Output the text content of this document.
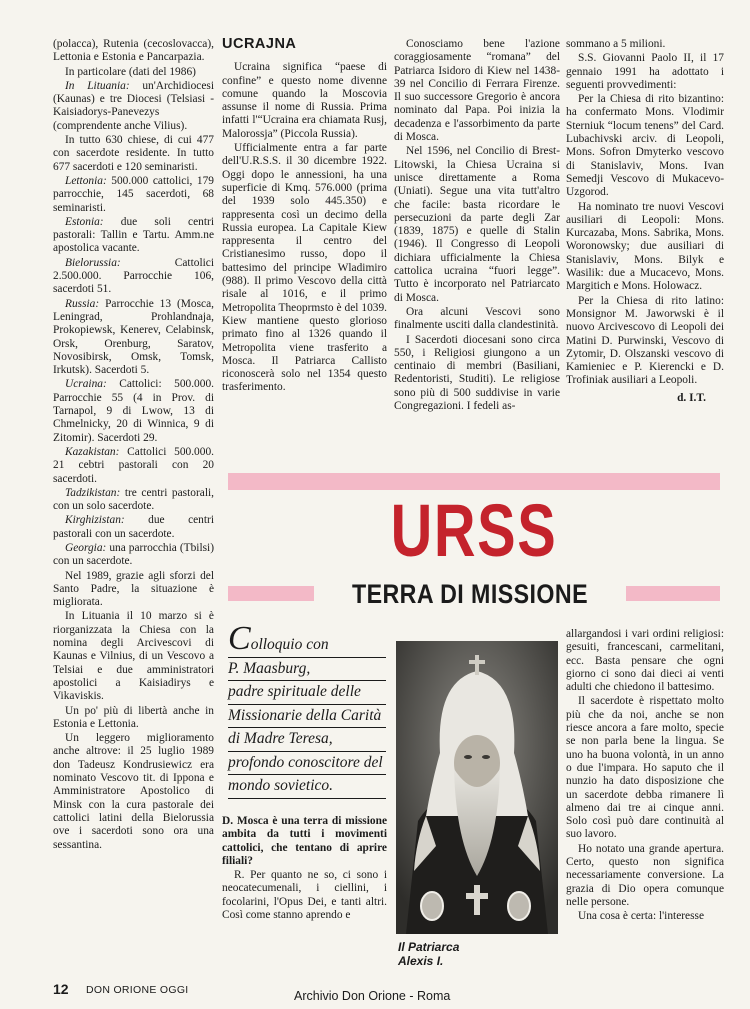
(polacca), Rutenia (cecoslovacca), Lettonia e Estonia e Pancarpazia.

In particolare (dati del 1986)

In Lituania: un'Archidiocesi (Kaunas) e tre Diocesi (Telsiasi - Kaisiadorys-Panevezys (comprendente anche Vilius).

In tutto 630 chiese, di cui 477 con sacerdote residente. In tutto 677 sacerdoti e 120 seminaristi.

Lettonia: 500.000 cattolici, 179 parrocchie, 145 sacerdoti, 68 seminaristi.

Estonia: due soli centri pastorali: Tallin e Tartu. Amm.ne apostolica vacante.

Bielorussia: Cattolici 2.500.000. Parrocchie 106, sacerdoti 51.

Russia: Parrocchie 13 (Mosca, Leningrad, Prohlandnaja, Prokopiewsk, Kenerev, Celabinsk, Orsk, Orenburg, Saratov, Novosibirsk, Omsk, Tomsk, Irkutsk). Sacerdoti 5.

Ucraina: Cattolici: 500.000. Parrocchie 55 (4 in Prov. di Tarnapol, 9 di Lwow, 13 di Chmelnicky, 20 di Winnica, 9 di Zitomir). Sacerdoti 29.

Kazakistan: Cattolici 500.000. 21 cebtri pastorali con 20 sacerdoti.

Tadzikistan: tre centri pastorali, con un solo sacerdote.

Kirghizistan: due centri pastorali con un sacerdote.

Georgia: una parrocchia (Tbilsi) con un sacerdote.

Nel 1989, grazie agli sforzi del Santo Padre, la situazione è migliorata.

In Lituania il 10 marzo si è riorganizzata la Chiesa con la nomina degli Arcivescovi di Kaunas e Vilnius, di un Vescovo a Telsiai e due amministratori apostolici a Kaisiadirys e Vikaviskis.

Un po' più di libertà anche in Estonia e Lettonia.

Un leggero miglioramento anche altrove: il 25 luglio 1989 don Tadeusz Kondrusiewicz era nominato Vescovo tit. di Ippona e Amministratore Apostolico di Minsk con la cura pastorale dei cattolici latini della Bielorussia ove i sacerdoti sono ora una sessantina.

UCRAJNA

Ucraina significa “paese di confine” e questo nome divenne comune quando la Moscovia assunse il nome di Russia. Prima infatti l'“Ucraina era chiamata Rusj, Malorossja” (Piccola Russia).

Ufficialmente entra a far parte dell'U.R.S.S. il 30 dicembre 1922. Oggi dopo le annessioni, ha una superficie di Kmq. 576.000 (prima del 1939 solo 445.350) e rappresenta così un decimo della Russia europea. La Capitale Kiew rappresenta il centro del Cristianesimo russo, dopo il battesimo del principe Wladimiro (988). Il primo Vescovo della città risale al 1016, e il primo Metropolita Theoprmsto è del 1039. Kiew mantiene questo glorioso primato fino al 1326 quando il Metropolita viene trasferito a Mosca. Il Patriarca Callisto riconoscerà solo nel 1354 questo trasferimento.

Conosciamo bene l'azione coraggiosamente “romana” del Patriarca Isidoro di Kiew nel 1438-39 nel Concilio di Ferrara Firenze. Il suo successore Gregorio è ancora nominato dal Papa. Poi inizia la decadenza e l'assorbimento da parte di Mosca.

Nel 1596, nel Concilio di Brest-Litowski, la Chiesa Ucraina si unisce direttamente a Roma (Uniati). Segue una vita tutt'altro che facile: basta ricordare le persecuzioni da parte degli Zar (1839, 1875) e quelle di Stalin (1946). Il Congresso di Leopoli dichiara ufficialmente la Chiesa cattolica ucraina “fuori legge”. Tutto è incorporato nel Patriarcato di Mosca.

Ora alcuni Vescovi sono finalmente usciti dalla clandestinità.

I Sacerdoti diocesani sono circa 550, i Religiosi giungono a un centinaio di membri (Basiliani, Redentoristi, Studiti). Le religiose sono più di 500 suddivise in varie Congregazioni. I fedeli as-

sommano a 5 milioni.

S.S. Giovanni Paolo II, il 17 gennaio 1991 ha adottato i seguenti provvedimenti:

Per la Chiesa di rito bizantino: ha confermato Mons. Vlodimir Sterniuk “locum tenens” del Card. Lubachivski arciv. di Leopoli, Mons. Sofron Dmyterko vescovo di Stanislaviv, Mons. Ivan Semedji Vescovo di Mukacevo-Uzgorod.

Ha nominato tre nuovi Vescovi ausiliari di Leopoli: Mons. Kurcazaba, Mons. Sabrika, Mons. Woronowsky; due ausiliari di Stanislaviv, Mons. Bilyk e Wasilik: due a Mucacevo, Mons. Margitich e Mons. Holowacz.

Per la Chiesa di rito latino: Monsignor M. Jaworwski è il nuovo Arcivescovo di Leopoli dei Matini D. Purwinski, Vescovo di Zytomir, D. Olszanski vescovo di Kamieniec e P. Kierencki e D. Trofiniak ausiliari a Leopoli.

d. I.T.
URSS
TERRA DI MISSIONE
Colloquio con
P. Maasburg,
padre spirituale delle
Missionarie della Carità
di Madre Teresa,
profondo conoscitore del
mondo sovietico.

D. Mosca è una terra di missione ambita da tutti i movimenti cattolici, che tentano di aprire filiali?

R. Per quanto ne so, ci sono i neocatecumenali, i ciellini, i focolarini, l'Opus Dei, e tanti altri. Così come stanno aprendo e

Il Patriarca
Alexis I.

allargandosi i vari ordini religiosi: gesuiti, francescani, carmelitani, ecc. Basta pensare che ogni giorno ci sono dai dieci ai venti adulti che chiedono il battesimo.

Il sacerdote è rispettato molto più che da noi, anche se non riesce ancora a fare molto, specie se non parla bene la lingua. Se uno ha buona volontà, in un anno o due l'impara. Ho saputo che il nunzio ha dato disposizione che un sacerdote debba rimanere lì almeno dai tre ai cinque anni. Solo così può dare continuità al suo lavoro.

Ho notato una grande apertura. Certo, questo non significa necessariamente conversione. La grazia di Dio opera comunque nelle persone.

Una cosa è certa: l'interesse

12 DON ORIONE OGGI	Archivio Don Orione - Roma
